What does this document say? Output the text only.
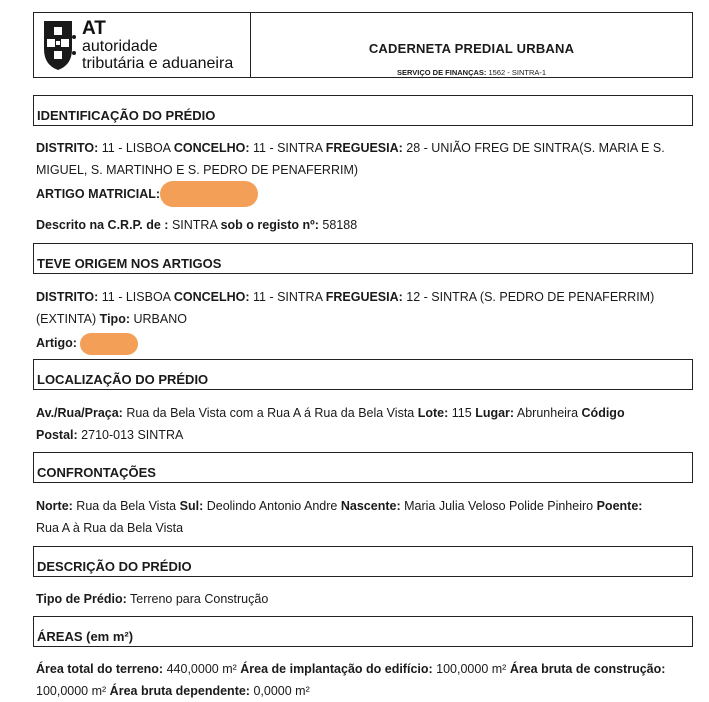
AT
autoridade
tributária e aduaneira
CADERNETA PREDIAL URBANA
SERVIÇO DE FINANÇAS: 1562 - SINTRA-1
IDENTIFICAÇÃO DO PRÉDIO
DISTRITO: 11 - LISBOA CONCELHO: 11 - SINTRA FREGUESIA: 28 - UNIÃO FREG DE SINTRA(S. MARIA E S.
MIGUEL, S. MARTINHO E S. PEDRO DE PENAFERRIM)
ARTIGO MATRICIAL:
Descrito na C.R.P. de : SINTRA sob o registo nº: 58188
TEVE ORIGEM NOS ARTIGOS
DISTRITO: 11 - LISBOA CONCELHO: 11 - SINTRA FREGUESIA: 12 - SINTRA (S. PEDRO DE PENAFERRIM)
(EXTINTA) Tipo: URBANO
Artigo:
LOCALIZAÇÃO DO PRÉDIO
Av./Rua/Praça: Rua da Bela Vista com a Rua A á Rua da Bela Vista Lote: 115 Lugar: Abrunheira Código
Postal: 2710-013 SINTRA
CONFRONTAÇÕES
Norte: Rua da Bela Vista Sul: Deolindo Antonio Andre Nascente: Maria Julia Veloso Polide Pinheiro Poente:
Rua A à Rua da Bela Vista
DESCRIÇÃO DO PRÉDIO
Tipo de Prédio: Terreno para Construção
ÁREAS (em m²)
Área total do terreno: 440,0000 m² Área de implantação do edifício: 100,0000 m² Área bruta de construção:
100,0000 m² Área bruta dependente: 0,0000 m²
